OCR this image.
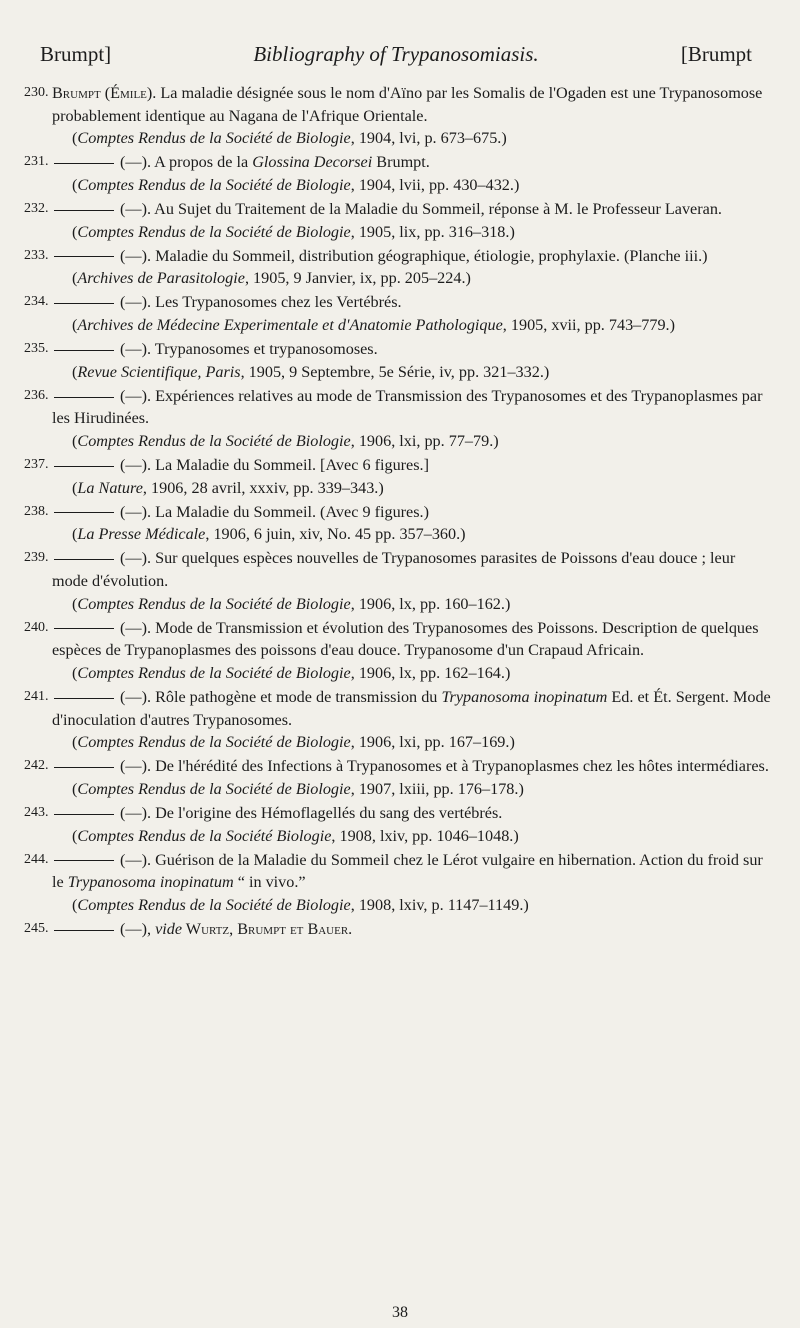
Brumpt]	Bibliography of Trypanosomiasis.	[Brumpt
230. Brumpt (Émile). La maladie désignée sous le nom d'Aïno par les Somalis de l'Ogaden est une Trypanosomose probablement identique au Nagana de l'Afrique Orientale.
(Comptes Rendus de la Société de Biologie, 1904, lvi, p. 673–675.)
231.	(—). A propos de la Glossina Decorsei Brumpt.
(Comptes Rendus de la Société de Biologie, 1904, lvii, pp. 430–432.)
232.	(—). Au Sujet du Traitement de la Maladie du Sommeil, réponse à M. le Professeur Laveran.
(Comptes Rendus de la Société de Biologie, 1905, lix, pp. 316–318.)
233.	(—). Maladie du Sommeil, distribution géographique, étiologie, prophylaxie. (Planche iii.)
(Archives de Parasitologie, 1905, 9 Janvier, ix, pp. 205–224.)
234.	(—). Les Trypanosomes chez les Vertébrés.
(Archives de Médecine Experimentale et d'Anatomie Pathologique, 1905, xvii, pp. 743–779.)
235.	(—). Trypanosomes et trypanosomoses.
(Revue Scientifique, Paris, 1905, 9 Septembre, 5e Série, iv, pp. 321–332.)
236.	(—). Expériences relatives au mode de Transmission des Trypanosomes et des Trypanoplasmes par les Hirudinées.
(Comptes Rendus de la Société de Biologie, 1906, lxi, pp. 77–79.)
237.	(—). La Maladie du Sommeil. [Avec 6 figures.]
(La Nature, 1906, 28 avril, xxxiv, pp. 339–343.)
238.	(—). La Maladie du Sommeil. (Avec 9 figures.)
(La Presse Médicale, 1906, 6 juin, xiv, No. 45 pp. 357–360.)
239.	(—). Sur quelques espèces nouvelles de Trypanosomes parasites de Poissons d'eau douce ; leur mode d'évolution.
(Comptes Rendus de la Société de Biologie, 1906, lx, pp. 160–162.)
240.	(—). Mode de Transmission et évolution des Trypanosomes des Poissons. Description de quelques espèces de Trypanoplasmes des poissons d'eau douce. Trypanosome d'un Crapaud Africain.
(Comptes Rendus de la Société de Biologie, 1906, lx, pp. 162–164.)
241.	(—). Rôle pathogène et mode de transmission du Trypanosoma inopinatum Ed. et Ét. Sergent. Mode d'inoculation d'autres Trypanosomes.
(Comptes Rendus de la Société de Biologie, 1906, lxi, pp. 167–169.)
242.	(—). De l'hérédité des Infections à Trypanosomes et à Trypanoplasmes chez les hôtes intermédiares.
(Comptes Rendus de la Société de Biologie, 1907, lxiii, pp. 176–178.)
243.	(—). De l'origine des Hémoflagellés du sang des vertébrés.
(Comptes Rendus de la Société Biologie, 1908, lxiv, pp. 1046–1048.)
244.	(—). Guérison de la Maladie du Sommeil chez le Lérot vulgaire en hibernation. Action du froid sur le Trypanosoma inopinatum “ in vivo.”
(Comptes Rendus de la Société de Biologie, 1908, lxiv, p. 1147–1149.)
245.	(—), vide Wurtz, Brumpt et Bauer.
38
